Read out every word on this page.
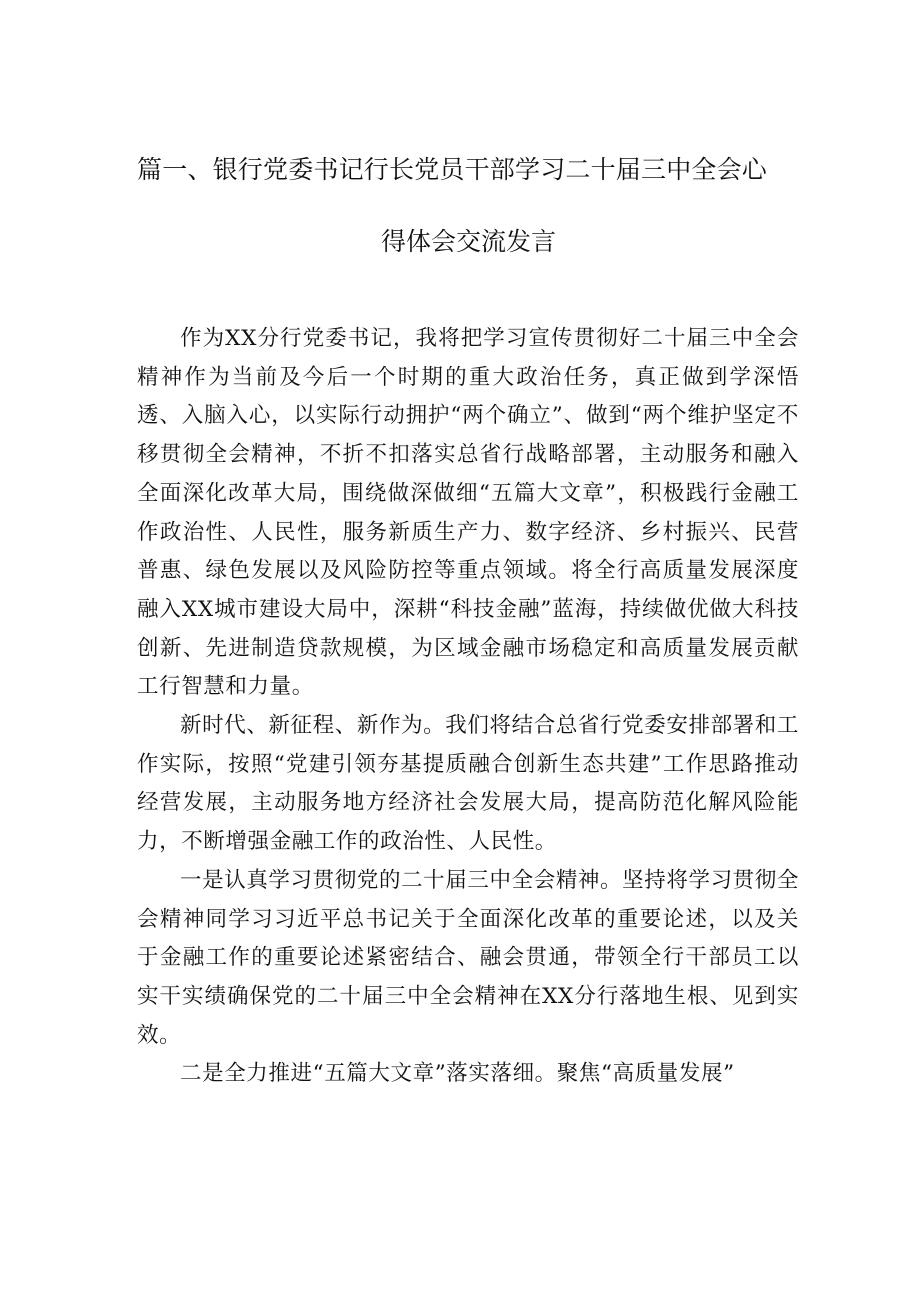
篇一、银行党委书记行长党员干部学习二十届三中全会心
得体会交流发言

作为XX分行党委书记，我将把学习宣传贯彻好二十届三中全会精神作为当前及今后一个时期的重大政治任务，真正做到学深悟透、入脑入心，以实际行动拥护“两个确立”、做到“两个维护坚定不移贯彻全会精神，不折不扣落实总省行战略部署，主动服务和融入全面深化改革大局，围绕做深做细“五篇大文章”，积极践行金融工作政治性、人民性，服务新质生产力、数字经济、乡村振兴、民营普惠、绿色发展以及风险防控等重点领域。将全行高质量发展深度融入XX城市建设大局中，深耕“科技金融”蓝海，持续做优做大科技创新、先进制造贷款规模，为区域金融市场稳定和高质量发展贡献工行智慧和力量。

新时代、新征程、新作为。我们将结合总省行党委安排部署和工作实际，按照“党建引领夯基提质融合创新生态共建”工作思路推动经营发展，主动服务地方经济社会发展大局，提高防范化解风险能力，不断增强金融工作的政治性、人民性。

一是认真学习贯彻党的二十届三中全会精神。坚持将学习贯彻全会精神同学习习近平总书记关于全面深化改革的重要论述，以及关于金融工作的重要论述紧密结合、融会贯通，带领全行干部员工以实干实绩确保党的二十届三中全会精神在XX分行落地生根、见到实效。

二是全力推进“五篇大文章”落实落细。聚焦“高质量发展”
